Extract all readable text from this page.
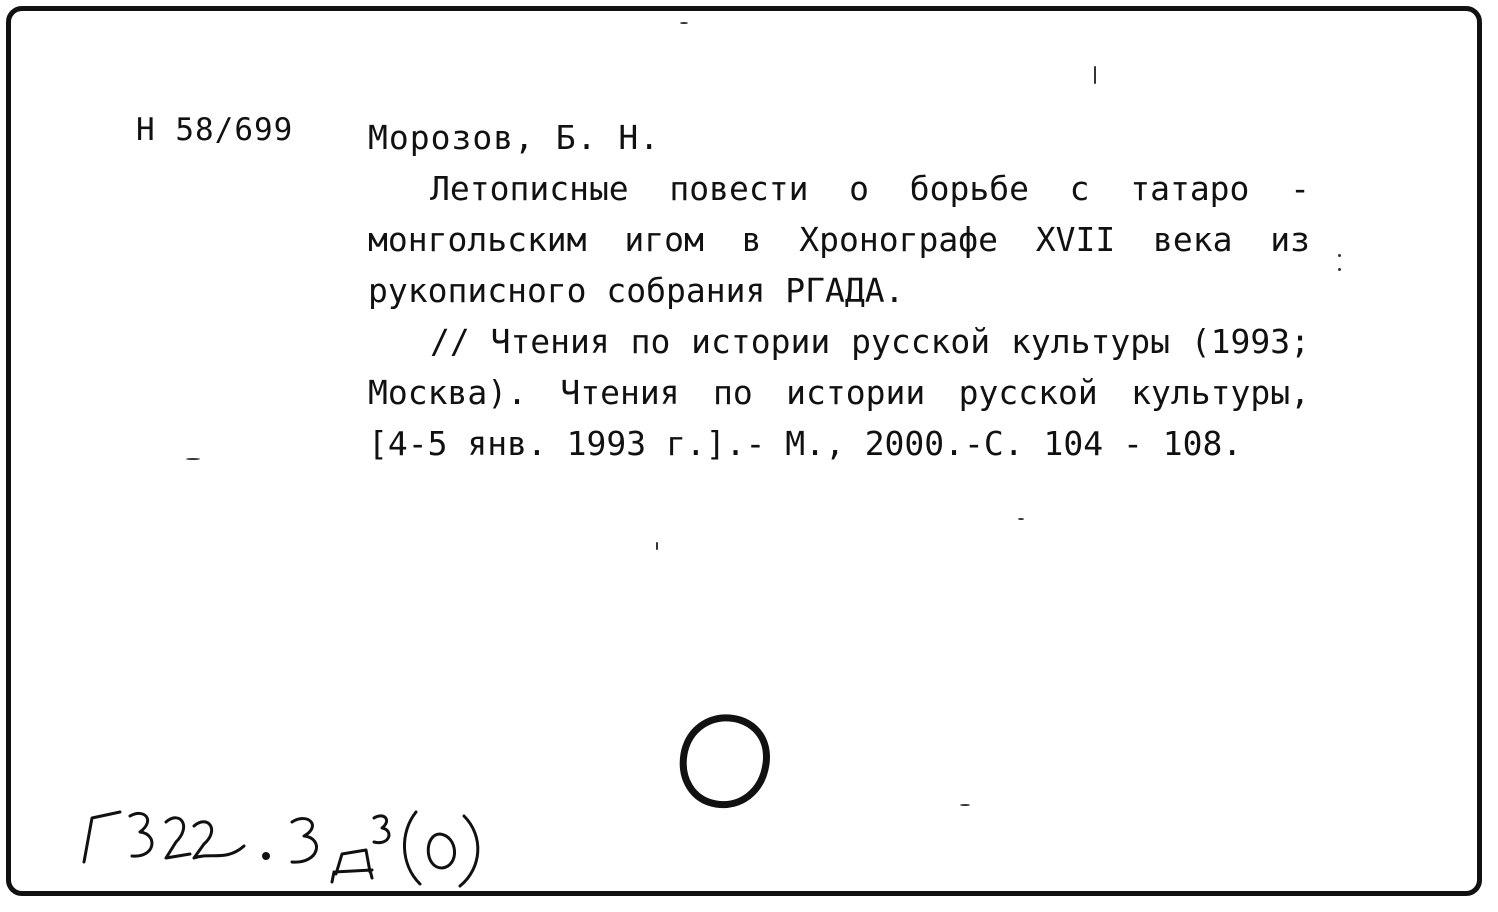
Н 58/699 Морозов, Б. Н.

Летописные повести о борьбе с татаро - монгольским игом в Хронографе XVII века из рукописного собрания РГАДА.

// Чтения по истории русской культуры (1993; Москва). Чтения по истории русской культуры, [4-5 янв. 1993 г.].- М., 2000.-С. 104 - 108.
